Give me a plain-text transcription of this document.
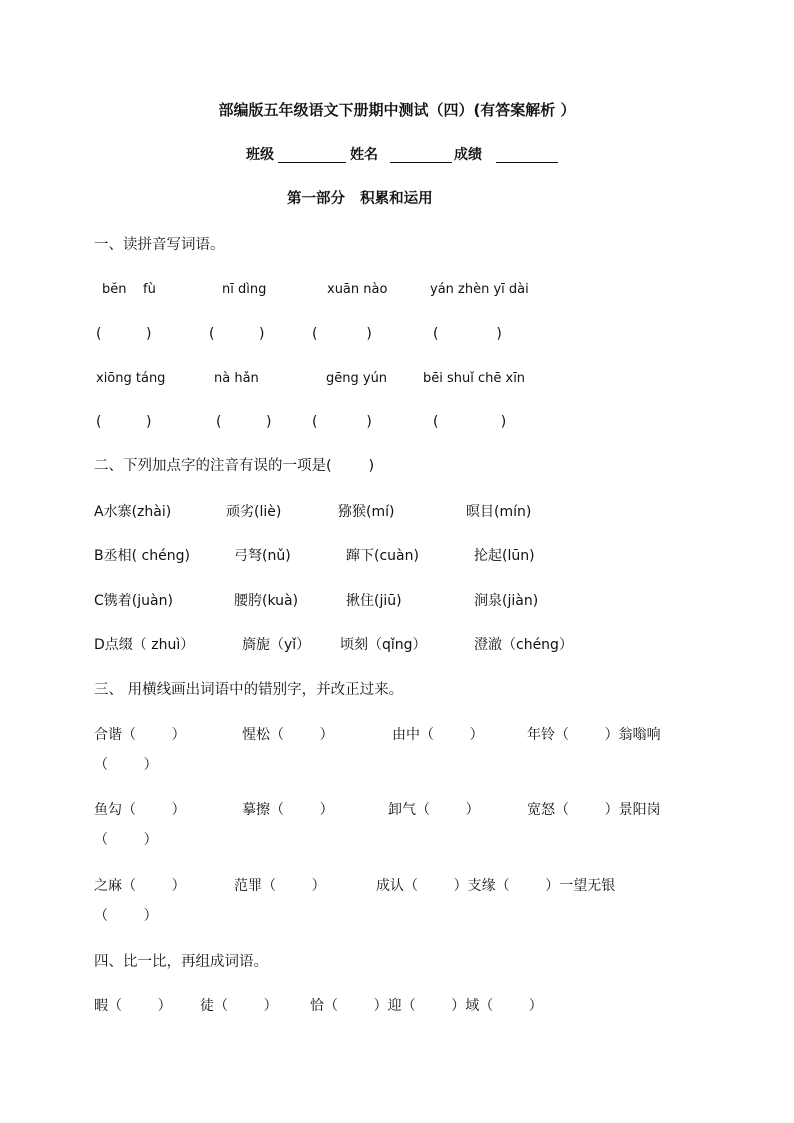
部编版五年级语文下册期中测试（四）(有答案解析 ）
班级	姓名	成绩
第一部分   积累和运用
一、读拼音写词语。
bĕn    fù	nī dìng	xuān nào	yán zhèn yī dài
(          )	(          )	(           )	(             )
xiōng táng	nà hǎn	gēng yún	bēi shuǐ chē xīn
(          )	(          )	(           )	(              )
二、下列加点字的注音有误的一项是(        )
A水寨(zhài)	顽劣(liè)	猕猴(mí)	暝目(mín)
B丞相( chéng)	弓弩(nǔ)	蹿下(cuàn)	抡起(lūn)
C镌着(juàn)	腰胯(kuà)	揪住(jiū)	涧泉(jiàn)
D点缀（ zhuì）	旖旎（yǐ） 顷刻（qǐng）	澄澈（chéng）
三、 用横线画出词语中的错别字，并改正过来。
合谐（        ）	惺松（        ）	由中（        ）	年铃（        ）翁嗡响
（        ）
鱼勾（        ）	摹擦（        ）	卸气（        ）	宽怒（        ）景阳岗
（        ）
之麻（        ）	范罪（        ）	成认（        ）支缘（        ）一望无银
（        ）
四、比一比，再组成词语。
暇（        ） 徒（        ） 恰（        ）迎（        ）域（        ）
